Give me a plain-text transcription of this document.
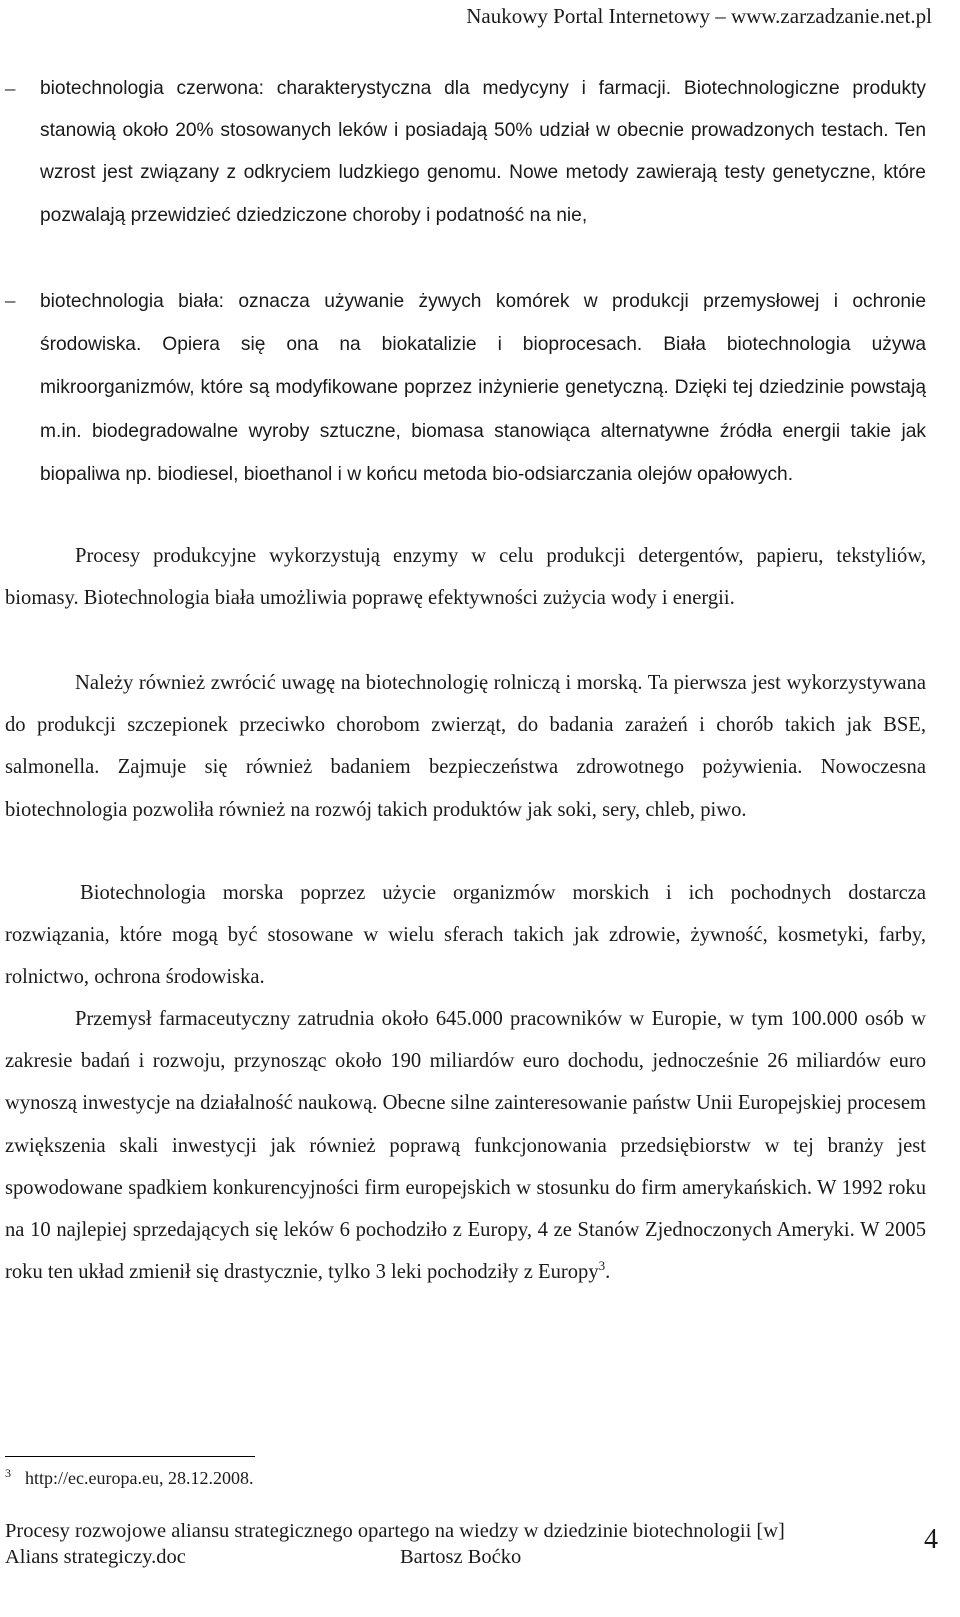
Naukowy Portal Internetowy – www.zarzadzanie.net.pl
–	biotechnologia czerwona: charakterystyczna dla medycyny i farmacji. Biotechnologiczne produkty stanowią około 20% stosowanych leków i posiadają 50% udział w obecnie prowadzonych testach. Ten wzrost jest związany z odkryciem ludzkiego genomu. Nowe metody zawierają testy genetyczne, które pozwalają przewidzieć dziedziczone choroby i podatność na nie,
–	biotechnologia biała: oznacza używanie żywych komórek w produkcji przemysłowej i ochronie środowiska. Opiera się ona na biokatalizie i bioprocesach. Biała biotechnologia używa mikroorganizmów, które są modyfikowane poprzez inżynierie genetyczną. Dzięki tej dziedzinie powstają m.in. biodegradowalne wyroby sztuczne, biomasa stanowiąca alternatywne źródła energii takie jak biopaliwa np. biodiesel, bioethanol i w końcu metoda bio-odsiarczania olejów opałowych.
Procesy produkcyjne wykorzystują enzymy w celu produkcji detergentów, papieru, tekstyliów, biomasy. Biotechnologia biała umożliwia poprawę efektywności zużycia wody i energii.
Należy również zwrócić uwagę na biotechnologię rolniczą i morską. Ta pierwsza jest wykorzystywana do produkcji szczepionek przeciwko chorobom zwierząt, do badania zarażeń i chorób takich jak BSE, salmonella. Zajmuje się również badaniem bezpieczeństwa zdrowotnego pożywienia. Nowoczesna biotechnologia pozwoliła również na rozwój takich produktów jak soki, sery, chleb, piwo.
Biotechnologia morska poprzez użycie organizmów morskich i ich pochodnych dostarcza rozwiązania, które mogą być stosowane w wielu sferach takich jak zdrowie, żywność, kosmetyki, farby, rolnictwo, ochrona środowiska.
Przemysł farmaceutyczny zatrudnia około 645.000 pracowników w Europie, w tym 100.000 osób w zakresie badań i rozwoju, przynosząc około 190 miliardów euro dochodu, jednocześnie 26 miliardów euro wynoszą inwestycje na działalność naukową. Obecne silne zainteresowanie państw Unii Europejskiej procesem zwiększenia skali inwestycji jak również poprawą funkcjonowania przedsiębiorstw w tej branży jest spowodowane spadkiem konkurencyjności firm europejskich w stosunku do firm amerykańskich. W 1992 roku na 10 najlepiej sprzedających się leków 6 pochodziło z Europy, 4 ze Stanów Zjednoczonych Ameryki. W 2005 roku ten układ zmienił się drastycznie, tylko 3 leki pochodziły z Europy$^3$.
$^3$ http://ec.europa.eu, 28.12.2008.
Procesy rozwojowe aliansu strategicznego opartego na wiedzy w dziedzinie biotechnologii [w]
Alians strategiczy.doc	Bartosz Boćko
4
